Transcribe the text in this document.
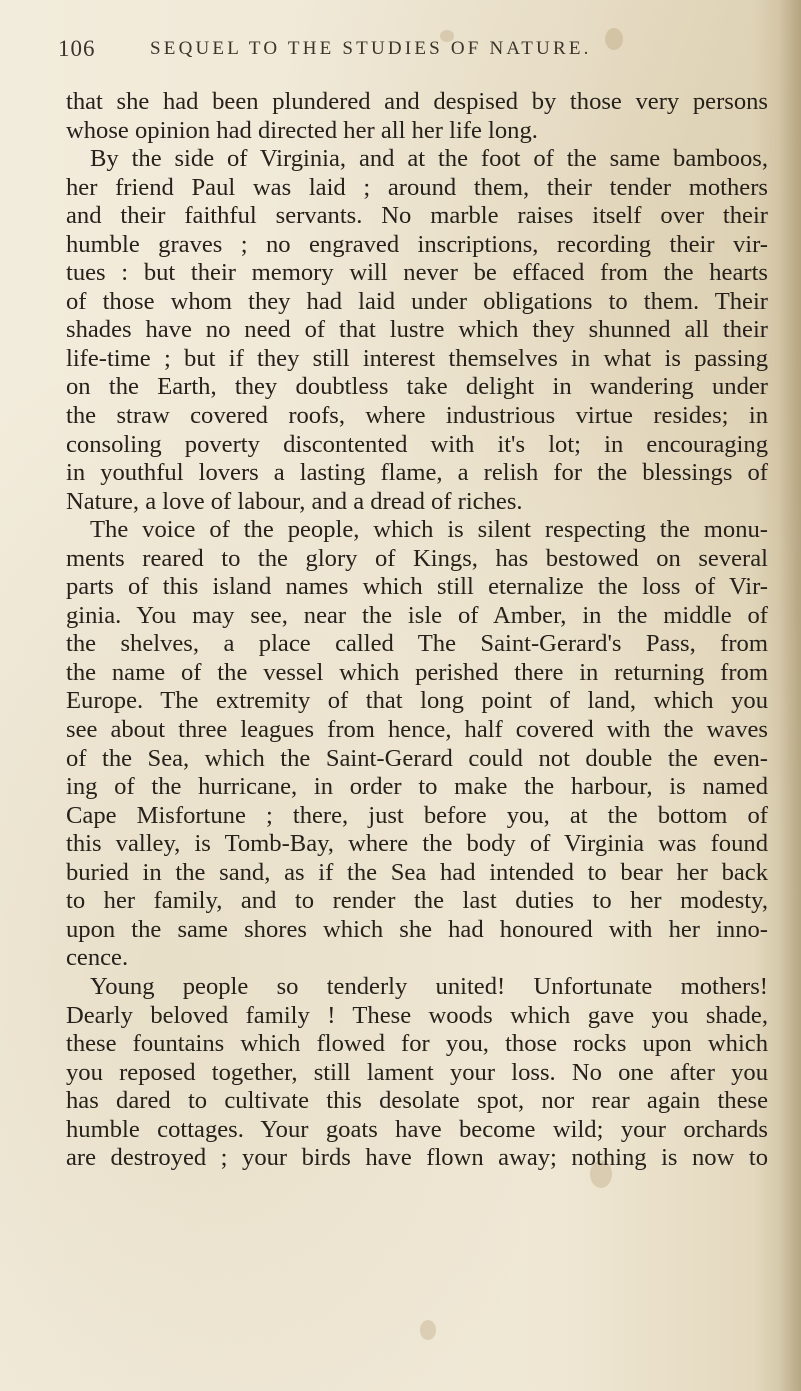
106	SEQUEL TO THE STUDIES OF NATURE.
that she had been plundered and despised by those very persons
whose opinion had directed her all her life long.
By the side of Virginia, and at the foot of the same bamboos,
her friend Paul was laid ; around them, their tender mothers
and their faithful servants. No marble raises itself over their
humble graves ; no engraved inscriptions, recording their vir-
tues : but their memory will never be effaced from the hearts
of those whom they had laid under obligations to them. Their
shades have no need of that lustre which they shunned all their
life-time ; but if they still interest themselves in what is passing
on the Earth, they doubtless take delight in wandering under
the straw covered roofs, where industrious virtue resides; in
consoling poverty discontented with it's lot; in encouraging
in youthful lovers a lasting flame, a relish for the blessings of
Nature, a love of labour, and a dread of riches.
The voice of the people, which is silent respecting the monu-
ments reared to the glory of Kings, has bestowed on several
parts of this island names which still eternalize the loss of Vir-
ginia. You may see, near the isle of Amber, in the middle of
the shelves, a place called The Saint-Gerard's Pass, from
the name of the vessel which perished there in returning from
Europe. The extremity of that long point of land, which you
see about three leagues from hence, half covered with the waves
of the Sea, which the Saint-Gerard could not double the even-
ing of the hurricane, in order to make the harbour, is named
Cape Misfortune ; there, just before you, at the bottom of
this valley, is Tomb-Bay, where the body of Virginia was found
buried in the sand, as if the Sea had intended to bear her back
to her family, and to render the last duties to her modesty,
upon the same shores which she had honoured with her inno-
cence.
Young people so tenderly united! Unfortunate mothers!
Dearly beloved family ! These woods which gave you shade,
these fountains which flowed for you, those rocks upon which
you reposed together, still lament your loss. No one after you
has dared to cultivate this desolate spot, nor rear again these
humble cottages. Your goats have become wild; your orchards
are destroyed ; your birds have flown away; nothing is now to
